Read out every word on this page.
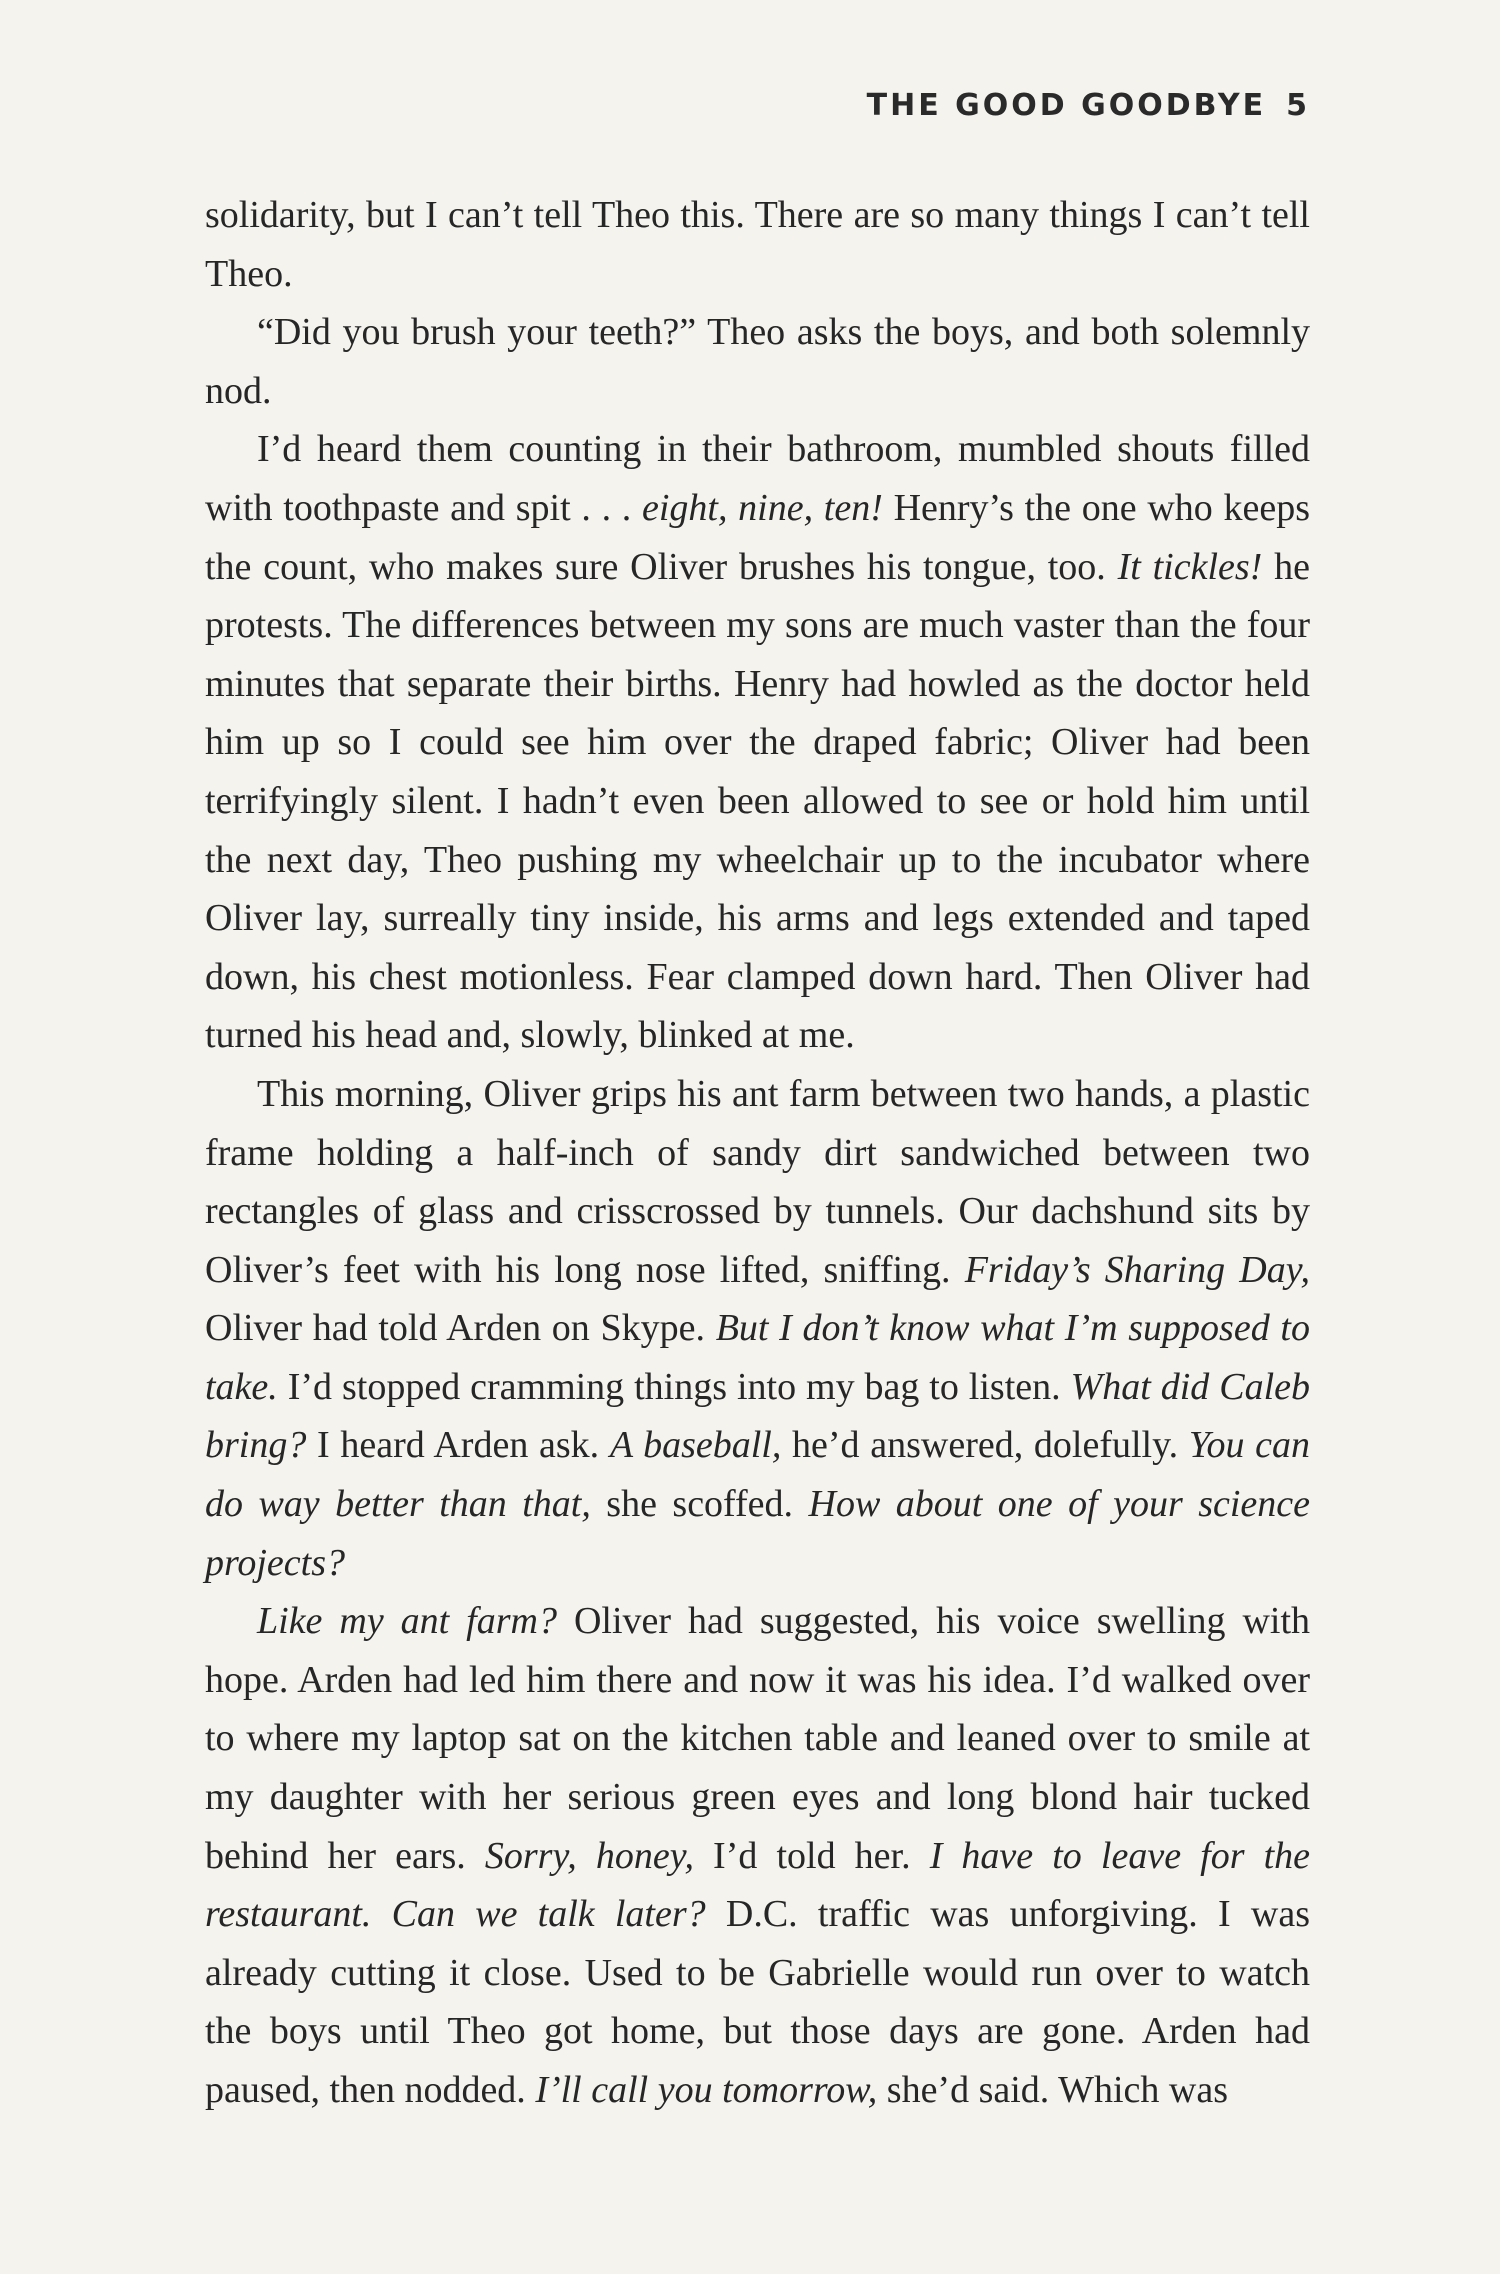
THE GOOD GOODBYE 5

solidarity, but I can’t tell Theo this. There are so many things I can’t tell Theo.

“Did you brush your teeth?” Theo asks the boys, and both solemnly nod.

I’d heard them counting in their bathroom, mumbled shouts filled with toothpaste and spit . . . eight, nine, ten! Henry’s the one who keeps the count, who makes sure Oliver brushes his tongue, too. It tickles! he protests. The differences between my sons are much vaster than the four minutes that separate their births. Henry had howled as the doctor held him up so I could see him over the draped fabric; Oliver had been terrifyingly silent. I hadn’t even been allowed to see or hold him until the next day, Theo pushing my wheelchair up to the incubator where Oliver lay, surreally tiny inside, his arms and legs extended and taped down, his chest motionless. Fear clamped down hard. Then Oliver had turned his head and, slowly, blinked at me.

This morning, Oliver grips his ant farm between two hands, a plastic frame holding a half-inch of sandy dirt sandwiched between two rectangles of glass and crisscrossed by tunnels. Our dachshund sits by Oliver’s feet with his long nose lifted, sniffing. Friday’s Sharing Day, Oliver had told Arden on Skype. But I don’t know what I’m supposed to take. I’d stopped cramming things into my bag to listen. What did Caleb bring? I heard Arden ask. A baseball, he’d answered, dolefully. You can do way better than that, she scoffed. How about one of your science projects?

Like my ant farm? Oliver had suggested, his voice swelling with hope. Arden had led him there and now it was his idea. I’d walked over to where my laptop sat on the kitchen table and leaned over to smile at my daughter with her serious green eyes and long blond hair tucked behind her ears. Sorry, honey, I’d told her. I have to leave for the restaurant. Can we talk later? D.C. traffic was unforgiving. I was already cutting it close. Used to be Gabrielle would run over to watch the boys until Theo got home, but those days are gone. Arden had paused, then nodded. I’ll call you tomorrow, she’d said. Which was
